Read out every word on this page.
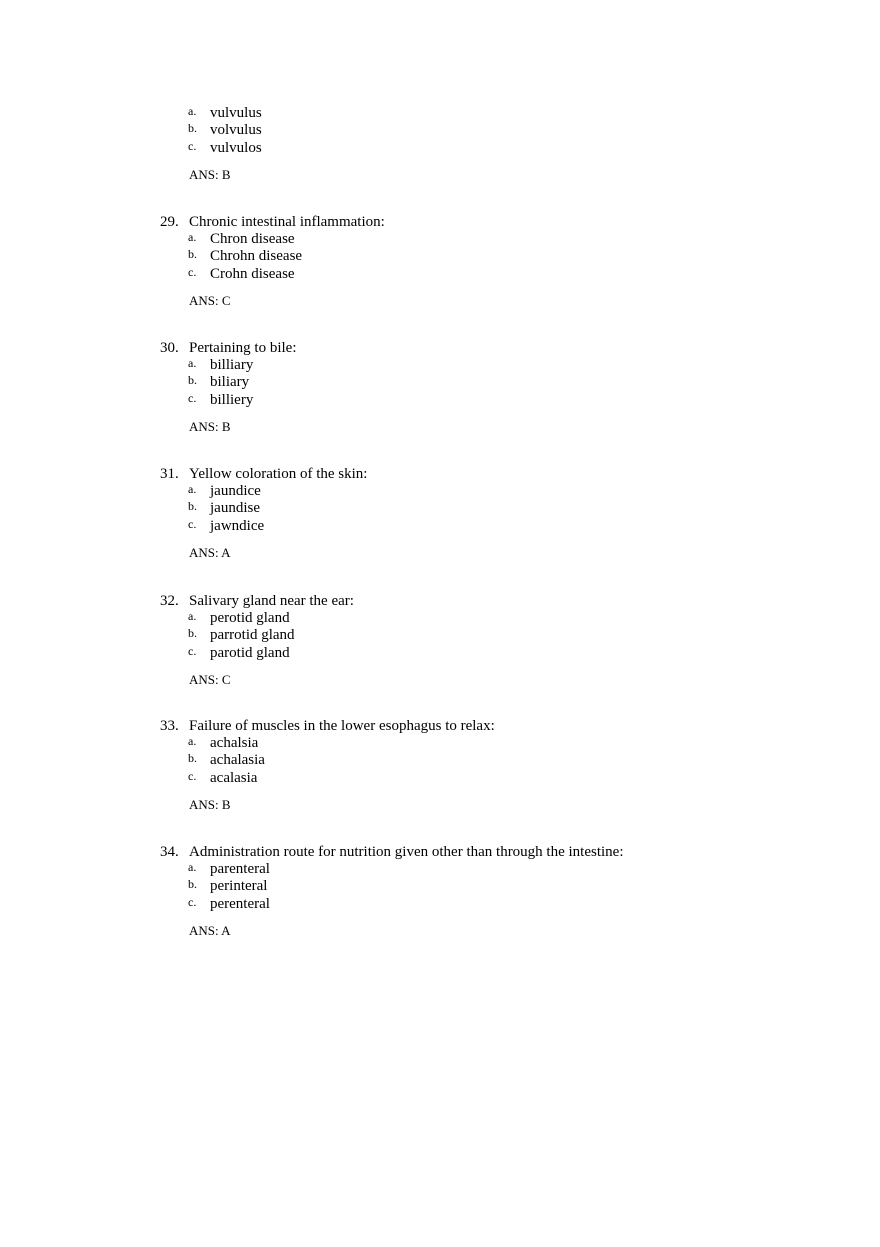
a. vulvulus
b. volvulus
c. vulvulos
ANS: B
29. Chronic intestinal inflammation:
a. Chron disease
b. Chrohn disease
c. Crohn disease
ANS: C
30. Pertaining to bile:
a. billiary
b. biliary
c. billiery
ANS: B
31. Yellow coloration of the skin:
a. jaundice
b. jaundise
c. jawndice
ANS: A
32. Salivary gland near the ear:
a. perotid gland
b. parrotid gland
c. parotid gland
ANS: C
33. Failure of muscles in the lower esophagus to relax:
a. achalsia
b. achalasia
c. acalasia
ANS: B
34. Administration route for nutrition given other than through the intestine:
a. parenteral
b. perinteral
c. perenteral
ANS: A
